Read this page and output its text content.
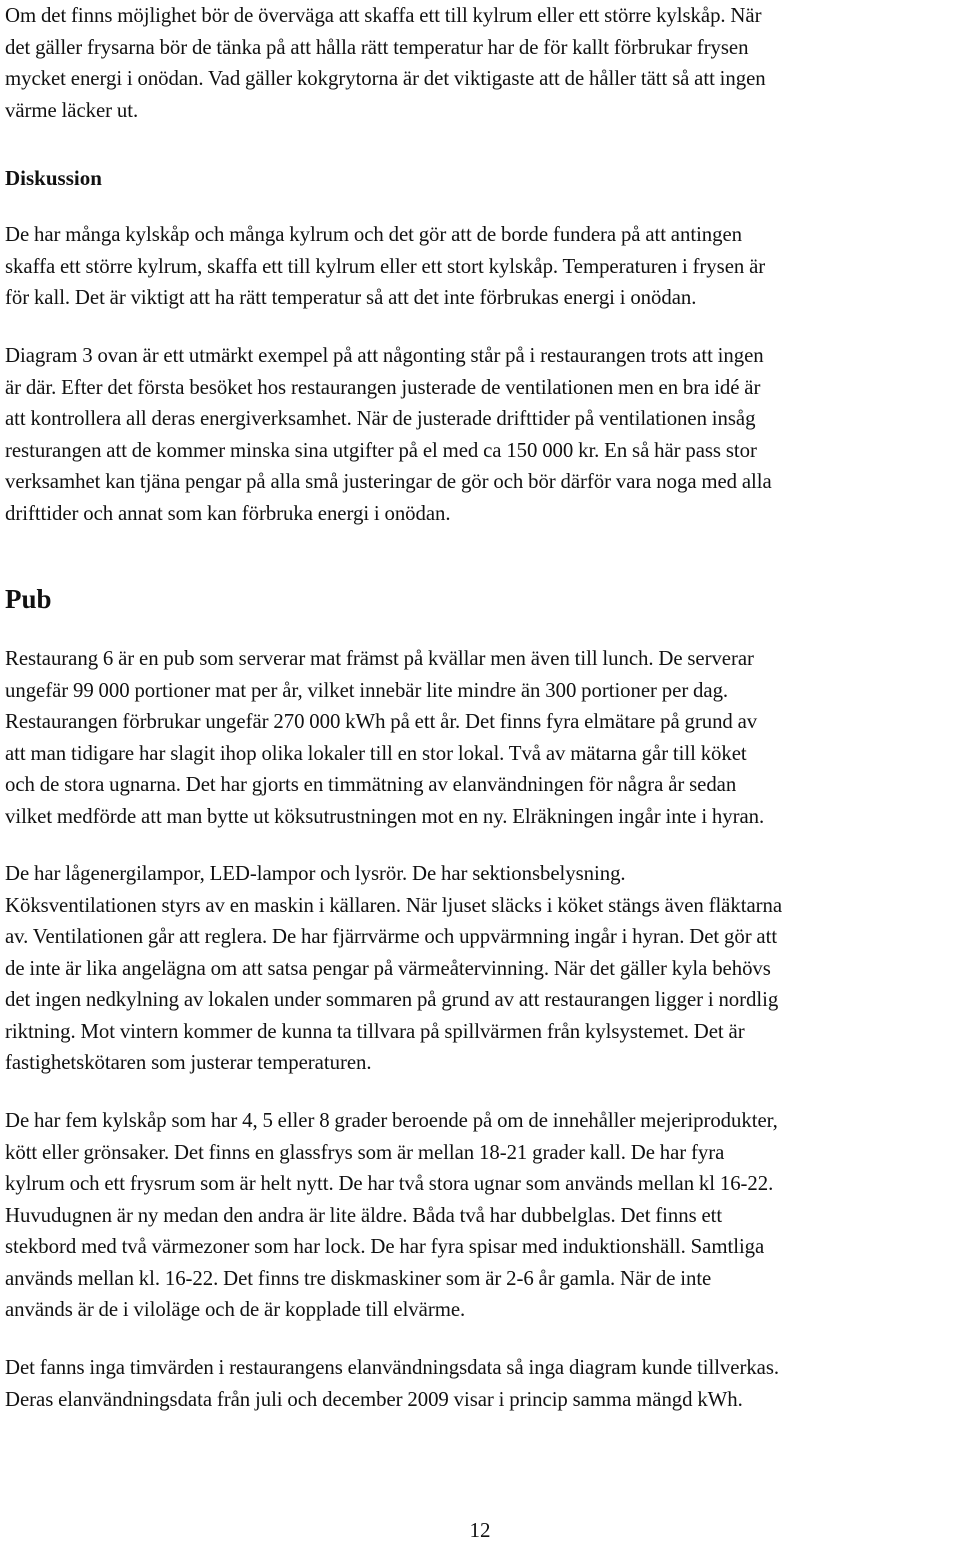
Om det finns möjlighet bör de överväga att skaffa ett till kylrum eller ett större kylskåp. När
det gäller frysarna bör de tänka på att hålla rätt temperatur har de för kallt förbrukar frysen
mycket energi i onödan. Vad gäller kokgrytorna är det viktigaste att de håller tätt så att ingen
värme läcker ut.

Diskussion

De har många kylskåp och många kylrum och det gör att de borde fundera på att antingen
skaffa ett större kylrum, skaffa ett till kylrum eller ett stort kylskåp. Temperaturen i frysen är
för kall. Det är viktigt att ha rätt temperatur så att det inte förbrukas energi i onödan.

Diagram 3 ovan är ett utmärkt exempel på att någonting står på i restaurangen trots att ingen
är där. Efter det första besöket hos restaurangen justerade de ventilationen men en bra idé är
att kontrollera all deras energiverksamhet. När de justerade drifttider på ventilationen insåg
resturangen att de kommer minska sina utgifter på el med ca 150 000 kr. En så här pass stor
verksamhet kan tjäna pengar på alla små justeringar de gör och bör därför vara noga med alla
drifttider och annat som kan förbruka energi i onödan.

Pub

Restaurang 6 är en pub som serverar mat främst på kvällar men även till lunch. De serverar
ungefär 99 000 portioner mat per år, vilket innebär lite mindre än 300 portioner per dag.
Restaurangen förbrukar ungefär 270 000 kWh på ett år. Det finns fyra elmätare på grund av
att man tidigare har slagit ihop olika lokaler till en stor lokal. Två av mätarna går till köket
och de stora ugnarna. Det har gjorts en timmätning av elanvändningen för några år sedan
vilket medförde att man bytte ut köksutrustningen mot en ny. Elräkningen ingår inte i hyran.

De har lågenergilampor, LED-lampor och lysrör. De har sektionsbelysning.
Köksventilationen styrs av en maskin i källaren. När ljuset släcks i köket stängs även fläktarna
av. Ventilationen går att reglera. De har fjärrvärme och uppvärmning ingår i hyran. Det gör att
de inte är lika angelägna om att satsa pengar på värmeåtervinning. När det gäller kyla behövs
det ingen nedkylning av lokalen under sommaren på grund av att restaurangen ligger i nordlig
riktning. Mot vintern kommer de kunna ta tillvara på spillvärmen från kylsystemet. Det är
fastighetskötaren som justerar temperaturen.

De har fem kylskåp som har 4, 5 eller 8 grader beroende på om de innehåller mejeriprodukter,
kött eller grönsaker. Det finns en glassfrys som är mellan 18-21 grader kall. De har fyra
kylrum och ett frysrum som är helt nytt. De har två stora ugnar som används mellan kl 16-22.
Huvudugnen är ny medan den andra är lite äldre. Båda två har dubbelglas. Det finns ett
stekbord med två värmezoner som har lock. De har fyra spisar med induktionshäll. Samtliga
används mellan kl. 16-22. Det finns tre diskmaskiner som är 2-6 år gamla. När de inte
används är de i viloläge och de är kopplade till elvärme.

Det fanns inga timvärden i restaurangens elanvändningsdata så inga diagram kunde tillverkas.
Deras elanvändningsdata från juli och december 2009 visar i princip samma mängd kWh.

12
